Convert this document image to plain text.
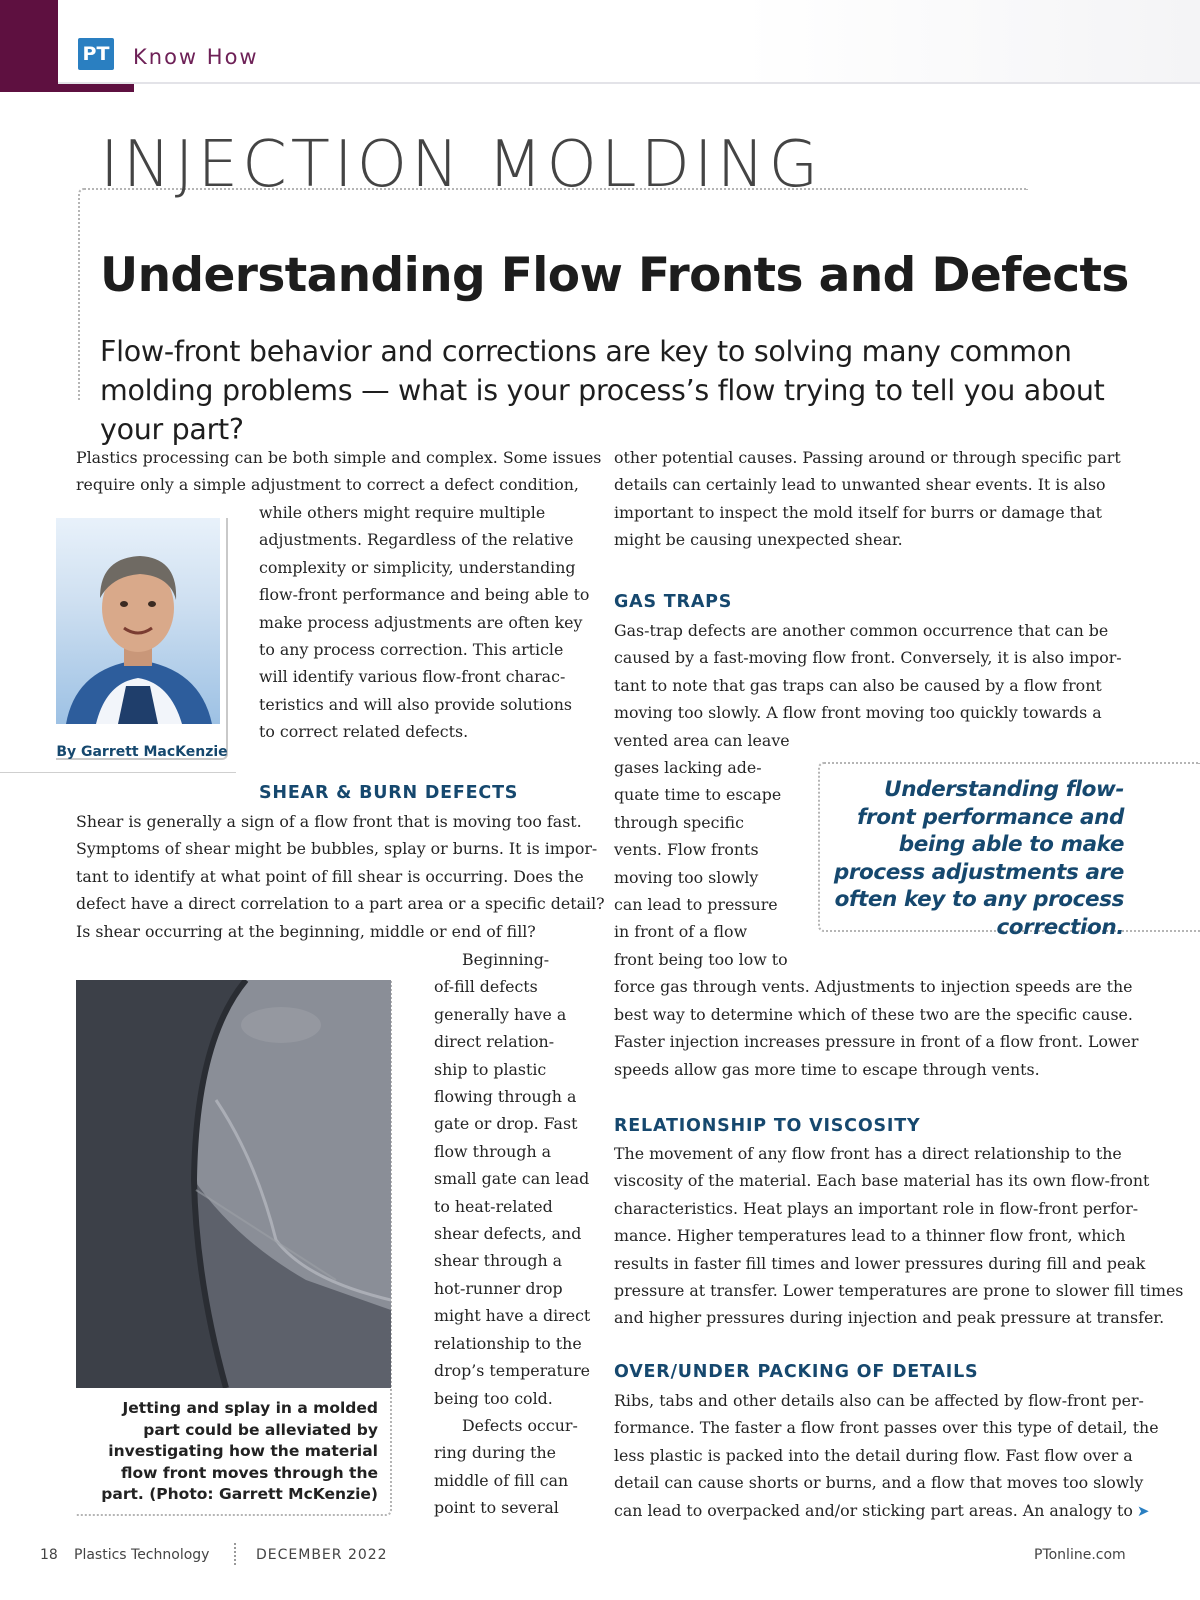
PT Know How
INJECTION MOLDING
Understanding Flow Fronts and Defects
Flow-front behavior and corrections are key to solving many common molding problems — what is your process’s flow trying to tell you about your part?
By Garrett MacKenzie
Plastics processing can be both simple and complex. Some issues
require only a simple adjustment to correct a defect condition,
while others might require multiple
adjustments. Regardless of the relative
complexity or simplicity, understanding
flow-front performance and being able to
make process adjustments are often key
to any process correction. This article
will identify various flow-front charac-
teristics and will also provide solutions
to correct related defects.
SHEAR & BURN DEFECTS
Shear is generally a sign of a flow front that is moving too fast.
Symptoms of shear might be bubbles, splay or burns. It is impor-
tant to identify at what point of fill shear is occurring. Does the
defect have a direct correlation to a part area or a specific detail?
Is shear occurring at the beginning, middle or end of fill?
Beginning-
of-fill defects
generally have a
direct relation-
ship to plastic
flowing through a
gate or drop. Fast
flow through a
small gate can lead
to heat-related
shear defects, and
shear through a
hot-runner drop
might have a direct
relationship to the
drop’s temperature
being too cold.
Defects occur-
ring during the
middle of fill can
point to several
Jetting and splay in a molded part could be alleviated by investigating how the material flow front moves through the part. (Photo: Garrett McKenzie)
other potential causes. Passing around or through specific part
details can certainly lead to unwanted shear events. It is also
important to inspect the mold itself for burrs or damage that
might be causing unexpected shear.
GAS TRAPS
Gas-trap defects are another common occurrence that can be
caused by a fast-moving flow front. Conversely, it is also impor-
tant to note that gas traps can also be caused by a flow front
moving too slowly. A flow front moving too quickly towards a
vented area can leave
gases lacking ade-
quate time to escape
through specific
vents. Flow fronts
moving too slowly
can lead to pressure
in front of a flow
front being too low to
force gas through vents. Adjustments to injection speeds are the
best way to determine which of these two are the specific cause.
Faster injection increases pressure in front of a flow front. Lower
speeds allow gas more time to escape through vents.
Understanding flow-front performance and being able to make process adjustments are often key to any process correction.
RELATIONSHIP TO VISCOSITY
The movement of any flow front has a direct relationship to the
viscosity of the material. Each base material has its own flow-front
characteristics. Heat plays an important role in flow-front perfor-
mance. Higher temperatures lead to a thinner flow front, which
results in faster fill times and lower pressures during fill and peak
pressure at transfer. Lower temperatures are prone to slower fill times
and higher pressures during injection and peak pressure at transfer.
OVER/UNDER PACKING OF DETAILS
Ribs, tabs and other details also can be affected by flow-front per-
formance. The faster a flow front passes over this type of detail, the
less plastic is packed into the detail during flow. Fast flow over a
detail can cause shorts or burns, and a flow that moves too slowly
can lead to overpacked and/or sticking part areas. An analogy to ➤
18 Plastics Technology	DECEMBER 2022	PTonline.com
